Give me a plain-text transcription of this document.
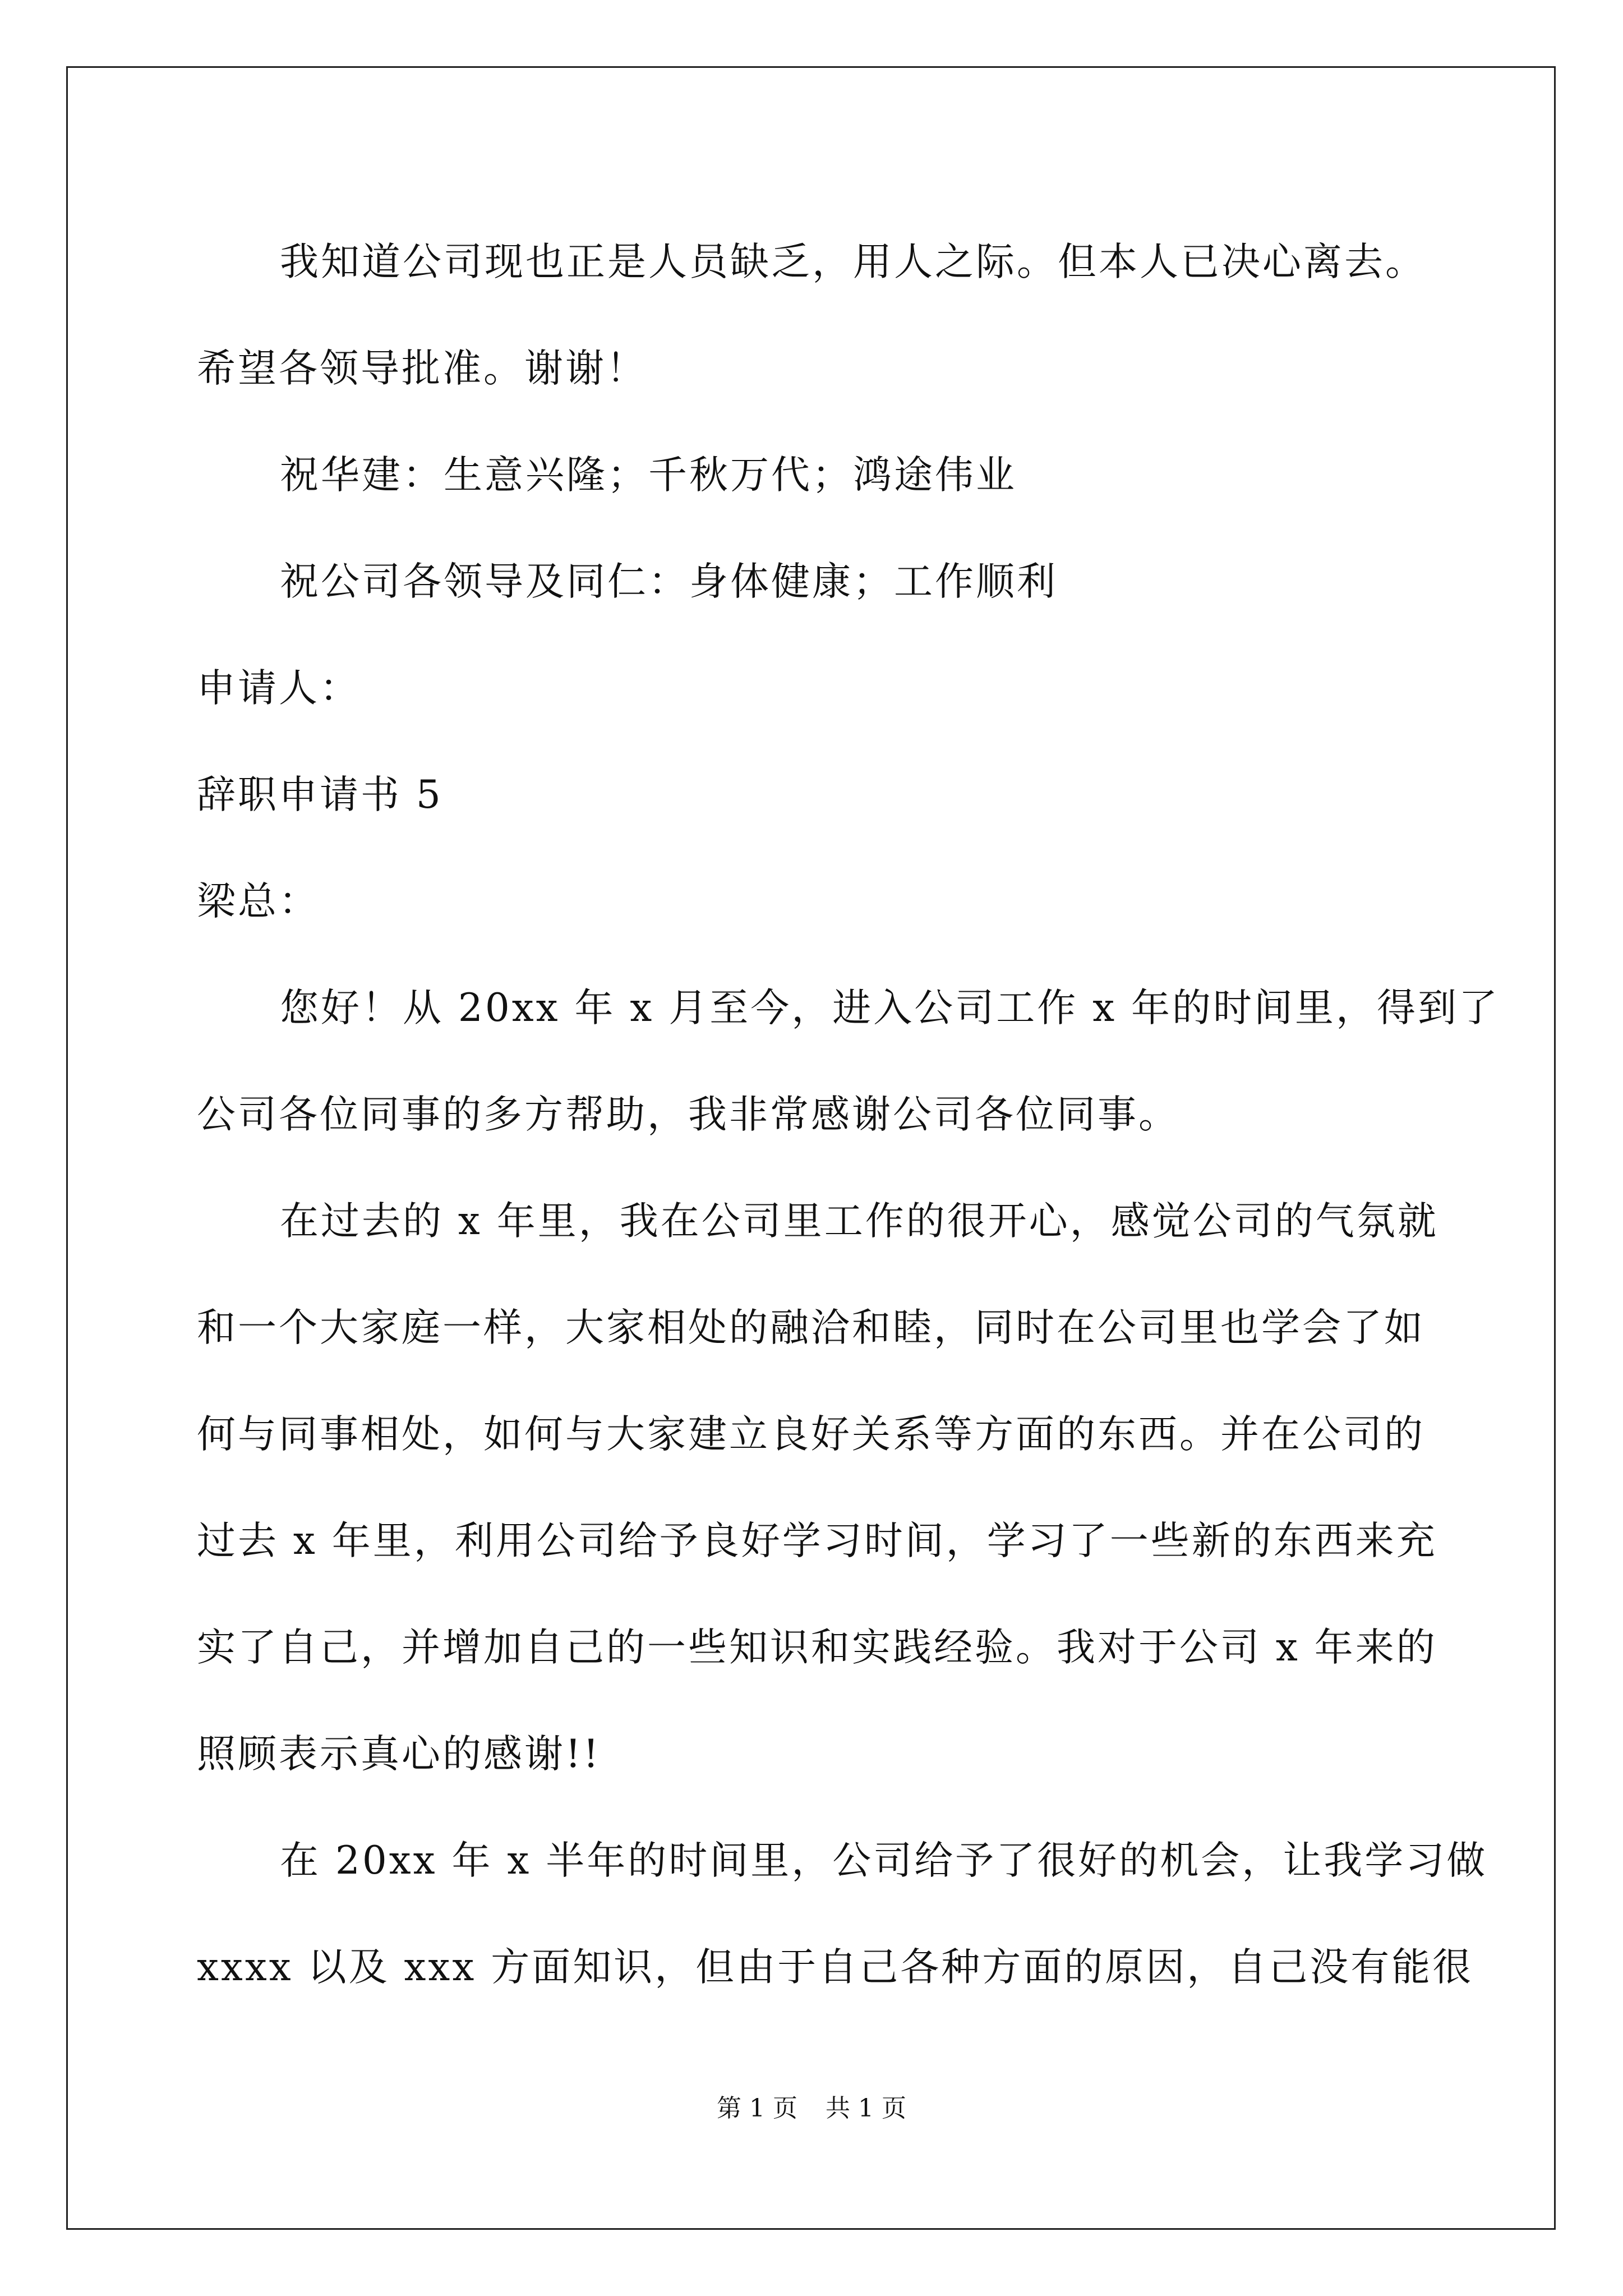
我知道公司现也正是人员缺乏，用人之际。但本人已决心离去。
希望各领导批准。谢谢！
祝华建：生意兴隆；千秋万代；鸿途伟业
祝公司各领导及同仁：身体健康；工作顺利
申请人：
辞职申请书 5
梁总：
您好！从 20xx 年 x 月至今，进入公司工作 x 年的时间里，得到了
公司各位同事的多方帮助，我非常感谢公司各位同事。
在过去的 x 年里，我在公司里工作的很开心，感觉公司的气氛就
和一个大家庭一样，大家相处的融洽和睦，同时在公司里也学会了如
何与同事相处，如何与大家建立良好关系等方面的东西。并在公司的
过去 x 年里，利用公司给予良好学习时间，学习了一些新的东西来充
实了自己，并增加自己的一些知识和实践经验。我对于公司 x 年来的
照顾表示真心的感谢!!
在 20xx 年 x 半年的时间里，公司给予了很好的机会，让我学习做
xxxx 以及 xxx 方面知识，但由于自己各种方面的原因，自己没有能很
第 1 页 共 1 页
